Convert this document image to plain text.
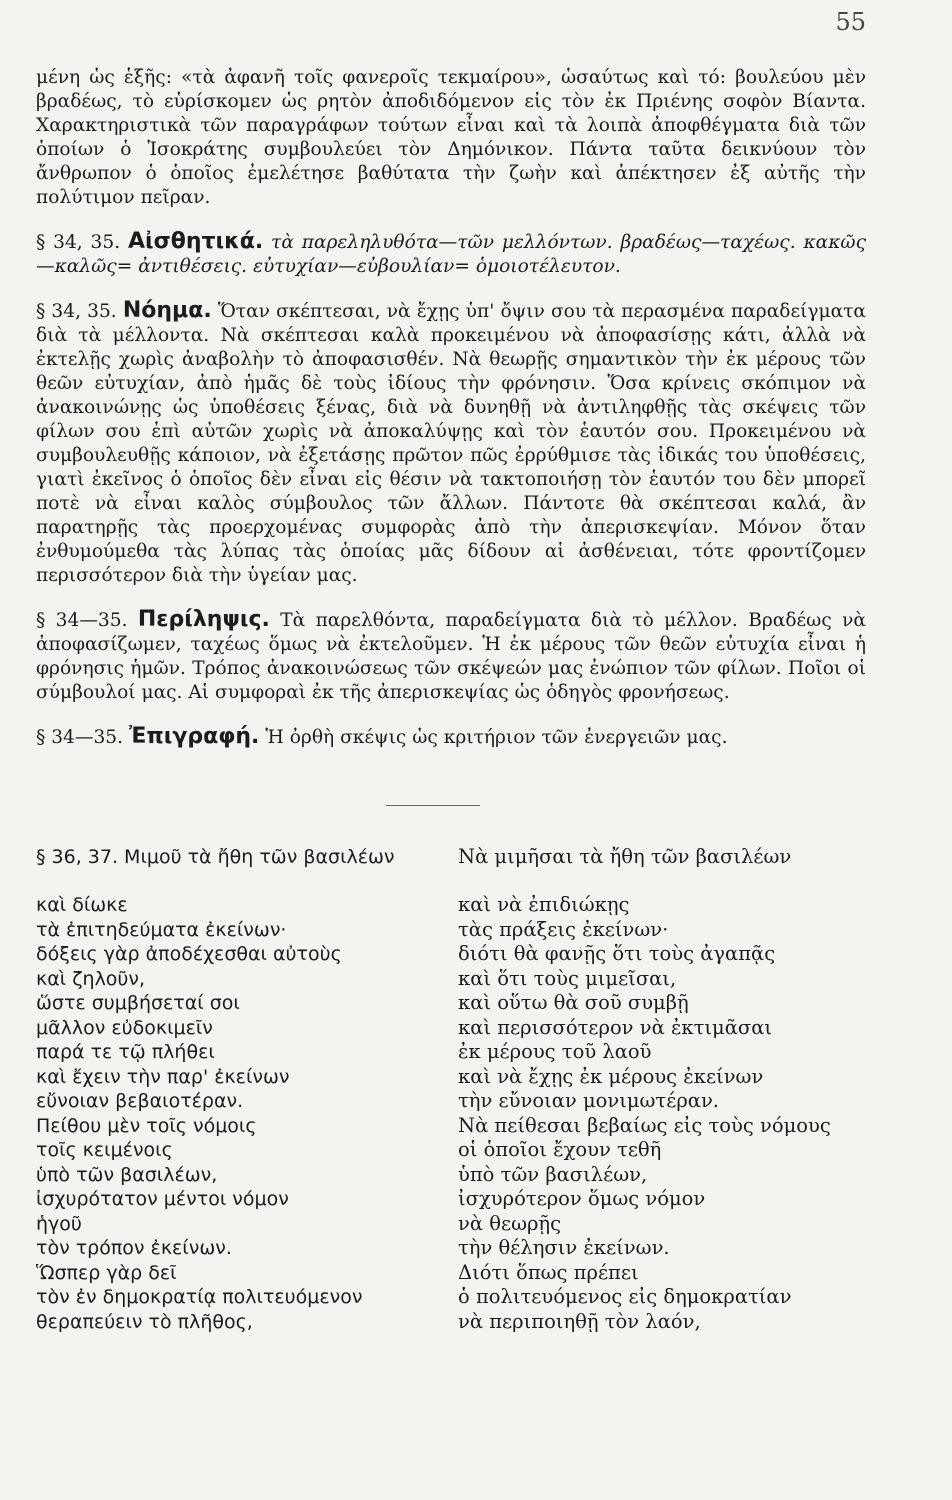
55

μένη ὡς ἑξῆς: «τὰ ἀφανῆ τοῖς φανεροῖς τεκμαίρου», ὡσαύτως καὶ τό: βουλεύου μὲν βραδέως, τὸ εὑρίσκομεν ὡς ρητὸν ἀποδιδόμενον εἰς τὸν ἐκ Πριένης σοφὸν Βίαντα. Χαρακτηριστικὰ τῶν παραγράφων τούτων εἶναι καὶ τὰ λοιπὰ ἀποφθέγματα διὰ τῶν ὁποίων ὁ Ἰσοκράτης συμβουλεύει τὸν Δημόνικον. Πάντα ταῦτα δεικνύουν τὸν ἄνθρωπον ὁ ὁποῖος ἐμελέτησε βαθύτατα τὴν ζωὴν καὶ ἀπέκτησεν ἐξ αὐτῆς τὴν πολύτιμον πεῖραν.

§ 34, 35. Αἰσθητικά. τὰ παρεληλυθότα—τῶν μελλόντων. βραδέως—ταχέως. κακῶς—καλῶς= ἀντιθέσεις. εὐτυχίαν—εὐβουλίαν= ὁμοιοτέλευτον.

§ 34, 35. Νόημα. Ὅταν σκέπτεσαι, νὰ ἔχῃς ὑπ' ὄψιν σου τὰ περασμένα παραδείγματα διὰ τὰ μέλλοντα. Νὰ σκέπτεσαι καλὰ προκειμένου νὰ ἀποφασίσῃς κάτι, ἀλλὰ νὰ ἐκτελῇς χωρὶς ἀναβολὴν τὸ ἀποφασισθέν. Νὰ θεωρῇς σημαντικὸν τὴν ἐκ μέρους τῶν θεῶν εὐτυχίαν, ἀπὸ ἡμᾶς δὲ τοὺς ἰδίους τὴν φρόνησιν. Ὅσα κρίνεις σκόπιμον νὰ ἀνακοινώνῃς ὡς ὑποθέσεις ξένας, διὰ νὰ δυνηθῇ νὰ ἀντιληφθῇς τὰς σκέψεις τῶν φίλων σου ἐπὶ αὐτῶν χωρὶς νὰ ἀποκαλύψῃς καὶ τὸν ἑαυτόν σου. Προκειμένου νὰ συμβουλευθῇς κάποιον, νὰ ἐξετάσῃς πρῶτον πῶς ἐρρύθμισε τὰς ἰδικάς του ὑποθέσεις, γιατὶ ἐκεῖνος ὁ ὁποῖος δὲν εἶναι εἰς θέσιν νὰ τακτοποιήσῃ τὸν ἑαυτόν του δὲν μπορεῖ ποτὲ νὰ εἶναι καλὸς σύμβουλος τῶν ἄλλων. Πάντοτε θὰ σκέπτεσαι καλά, ἂν παρατηρῇς τὰς προερχομένας συμφορὰς ἀπὸ τὴν ἀπερισκεψίαν. Μόνον ὅταν ἐνθυμούμεθα τὰς λύπας τὰς ὁποίας μᾶς δίδουν αἱ ἀσθένειαι, τότε φροντίζομεν περισσότερον διὰ τὴν ὑγείαν μας.

§ 34—35. Περίληψις. Τὰ παρελθόντα, παραδείγματα διὰ τὸ μέλλον. Βραδέως νὰ ἀποφασίζωμεν, ταχέως ὅμως νὰ ἐκτελοῦμεν. Ἡ ἐκ μέρους τῶν θεῶν εὐτυχία εἶναι ἡ φρόνησις ἡμῶν. Τρόπος ἀνακοινώσεως τῶν σκέψεών μας ἐνώπιον τῶν φίλων. Ποῖοι οἱ σύμβουλοί μας. Αἱ συμφοραὶ ἐκ τῆς ἀπερισκεψίας ὡς ὁδηγὸς φρονήσεως.

§ 34—35. Ἐπιγραφή. Ἡ ὀρθὴ σκέψις ὡς κριτήριον τῶν ἐνεργειῶν μας.

§ 36, 37. Μιμοῦ τὰ ἤθη τῶν βασιλέων	Νὰ μιμῆσαι τὰ ἤθη τῶν βασιλέων
καὶ δίωκε	καὶ νὰ ἐπιδιώκῃς
τὰ ἐπιτηδεύματα ἐκείνων·	τὰς πράξεις ἐκείνων·
δόξεις γὰρ ἀποδέχεσθαι αὐτοὺς	διότι θὰ φανῇς ὅτι τοὺς ἀγαπᾷς
καὶ ζηλοῦν,	καὶ ὅτι τοὺς μιμεῖσαι,
ὥστε συμβήσεταί σοι	καὶ οὕτω θὰ σοῦ συμβῇ
μᾶλλον εὐδοκιμεῖν	καὶ περισσότερον νὰ ἐκτιμᾶσαι
παρά τε τῷ πλήθει	ἐκ μέρους τοῦ λαοῦ
καὶ ἔχειν τὴν παρ' ἐκείνων	καὶ νὰ ἔχῃς ἐκ μέρους ἐκείνων
εὔνοιαν βεβαιοτέραν.	τὴν εὔνοιαν μονιμωτέραν.
Πείθου μὲν τοῖς νόμοις	Νὰ πείθεσαι βεβαίως εἰς τοὺς νόμους
τοῖς κειμένοις	οἱ ὁποῖοι ἔχουν τεθῆ
ὑπὸ τῶν βασιλέων,	ὑπὸ τῶν βασιλέων,
ἰσχυρότατον μέντοι νόμον	ἰσχυρότερον ὅμως νόμον
ἡγοῦ	νὰ θεωρῇς
τὸν τρόπον ἐκείνων.	τὴν θέλησιν ἐκείνων.
Ὥσπερ γὰρ δεῖ	Διότι ὅπως πρέπει
τὸν ἐν δημοκρατίᾳ πολιτευόμενον	ὁ πολιτευόμενος εἰς δημοκρατίαν
θεραπεύειν τὸ πλῆθος,	νὰ περιποιηθῇ τὸν λαόν,
